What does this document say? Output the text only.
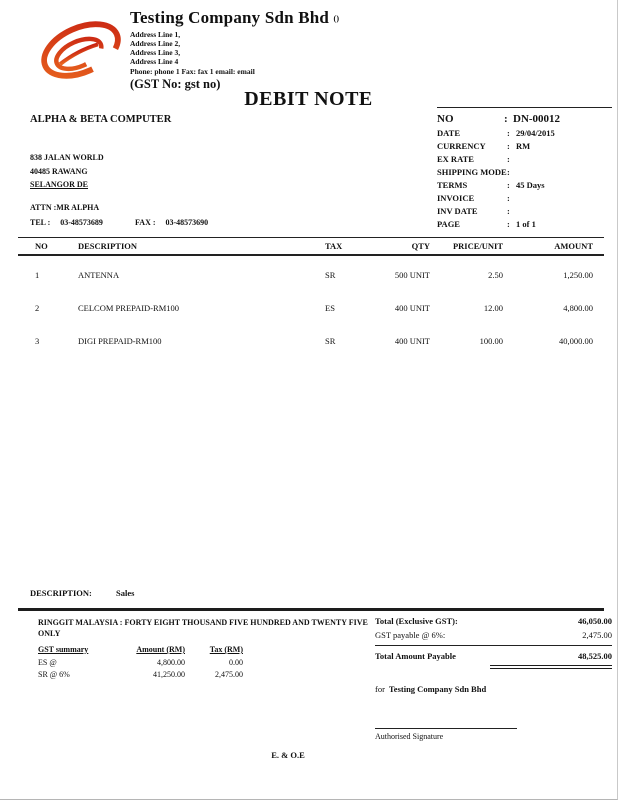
Testing Company Sdn Bhd ()
Address Line 1,
Address Line 2,
Address Line 3,
Address Line 4
Phone: phone 1 Fax: fax 1 email: email
(GST No: gst no)
DEBIT NOTE
ALPHA & BETA COMPUTER
838 JALAN WORLD
40485 RAWANG
SELANGOR DE
ATTN :MR ALPHA
TEL : 03-48573689	FAX : 03-48573690
NO	: DN-00012
DATE	: 29/04/2015
CURRENCY	: RM
EX RATE	:
SHIPPING MODE :
TERMS	: 45 Days
INVOICE	:
INV DATE	:
PAGE	: 1 of 1
NO	DESCRIPTION	TAX	QTY	PRICE/UNIT	AMOUNT
1	ANTENNA	SR	500 UNIT	2.50	1,250.00
2	CELCOM PREPAID-RM100	ES	400 UNIT	12.00	4,800.00
3	DIGI PREPAID-RM100	SR	400 UNIT	100.00	40,000.00
DESCRIPTION:	Sales
RINGGIT MALAYSIA : FORTY EIGHT THOUSAND FIVE HUNDRED AND TWENTY FIVE ONLY
GST summary	Amount (RM)	Tax (RM)
ES @	4,800.00	0.00
SR @ 6%	41,250.00	2,475.00
Total (Exclusive GST):	46,050.00
GST payable @ 6%:	2,475.00
Total Amount Payable	48,525.00
for Testing Company Sdn Bhd
Authorised Signature
E. & O.E
